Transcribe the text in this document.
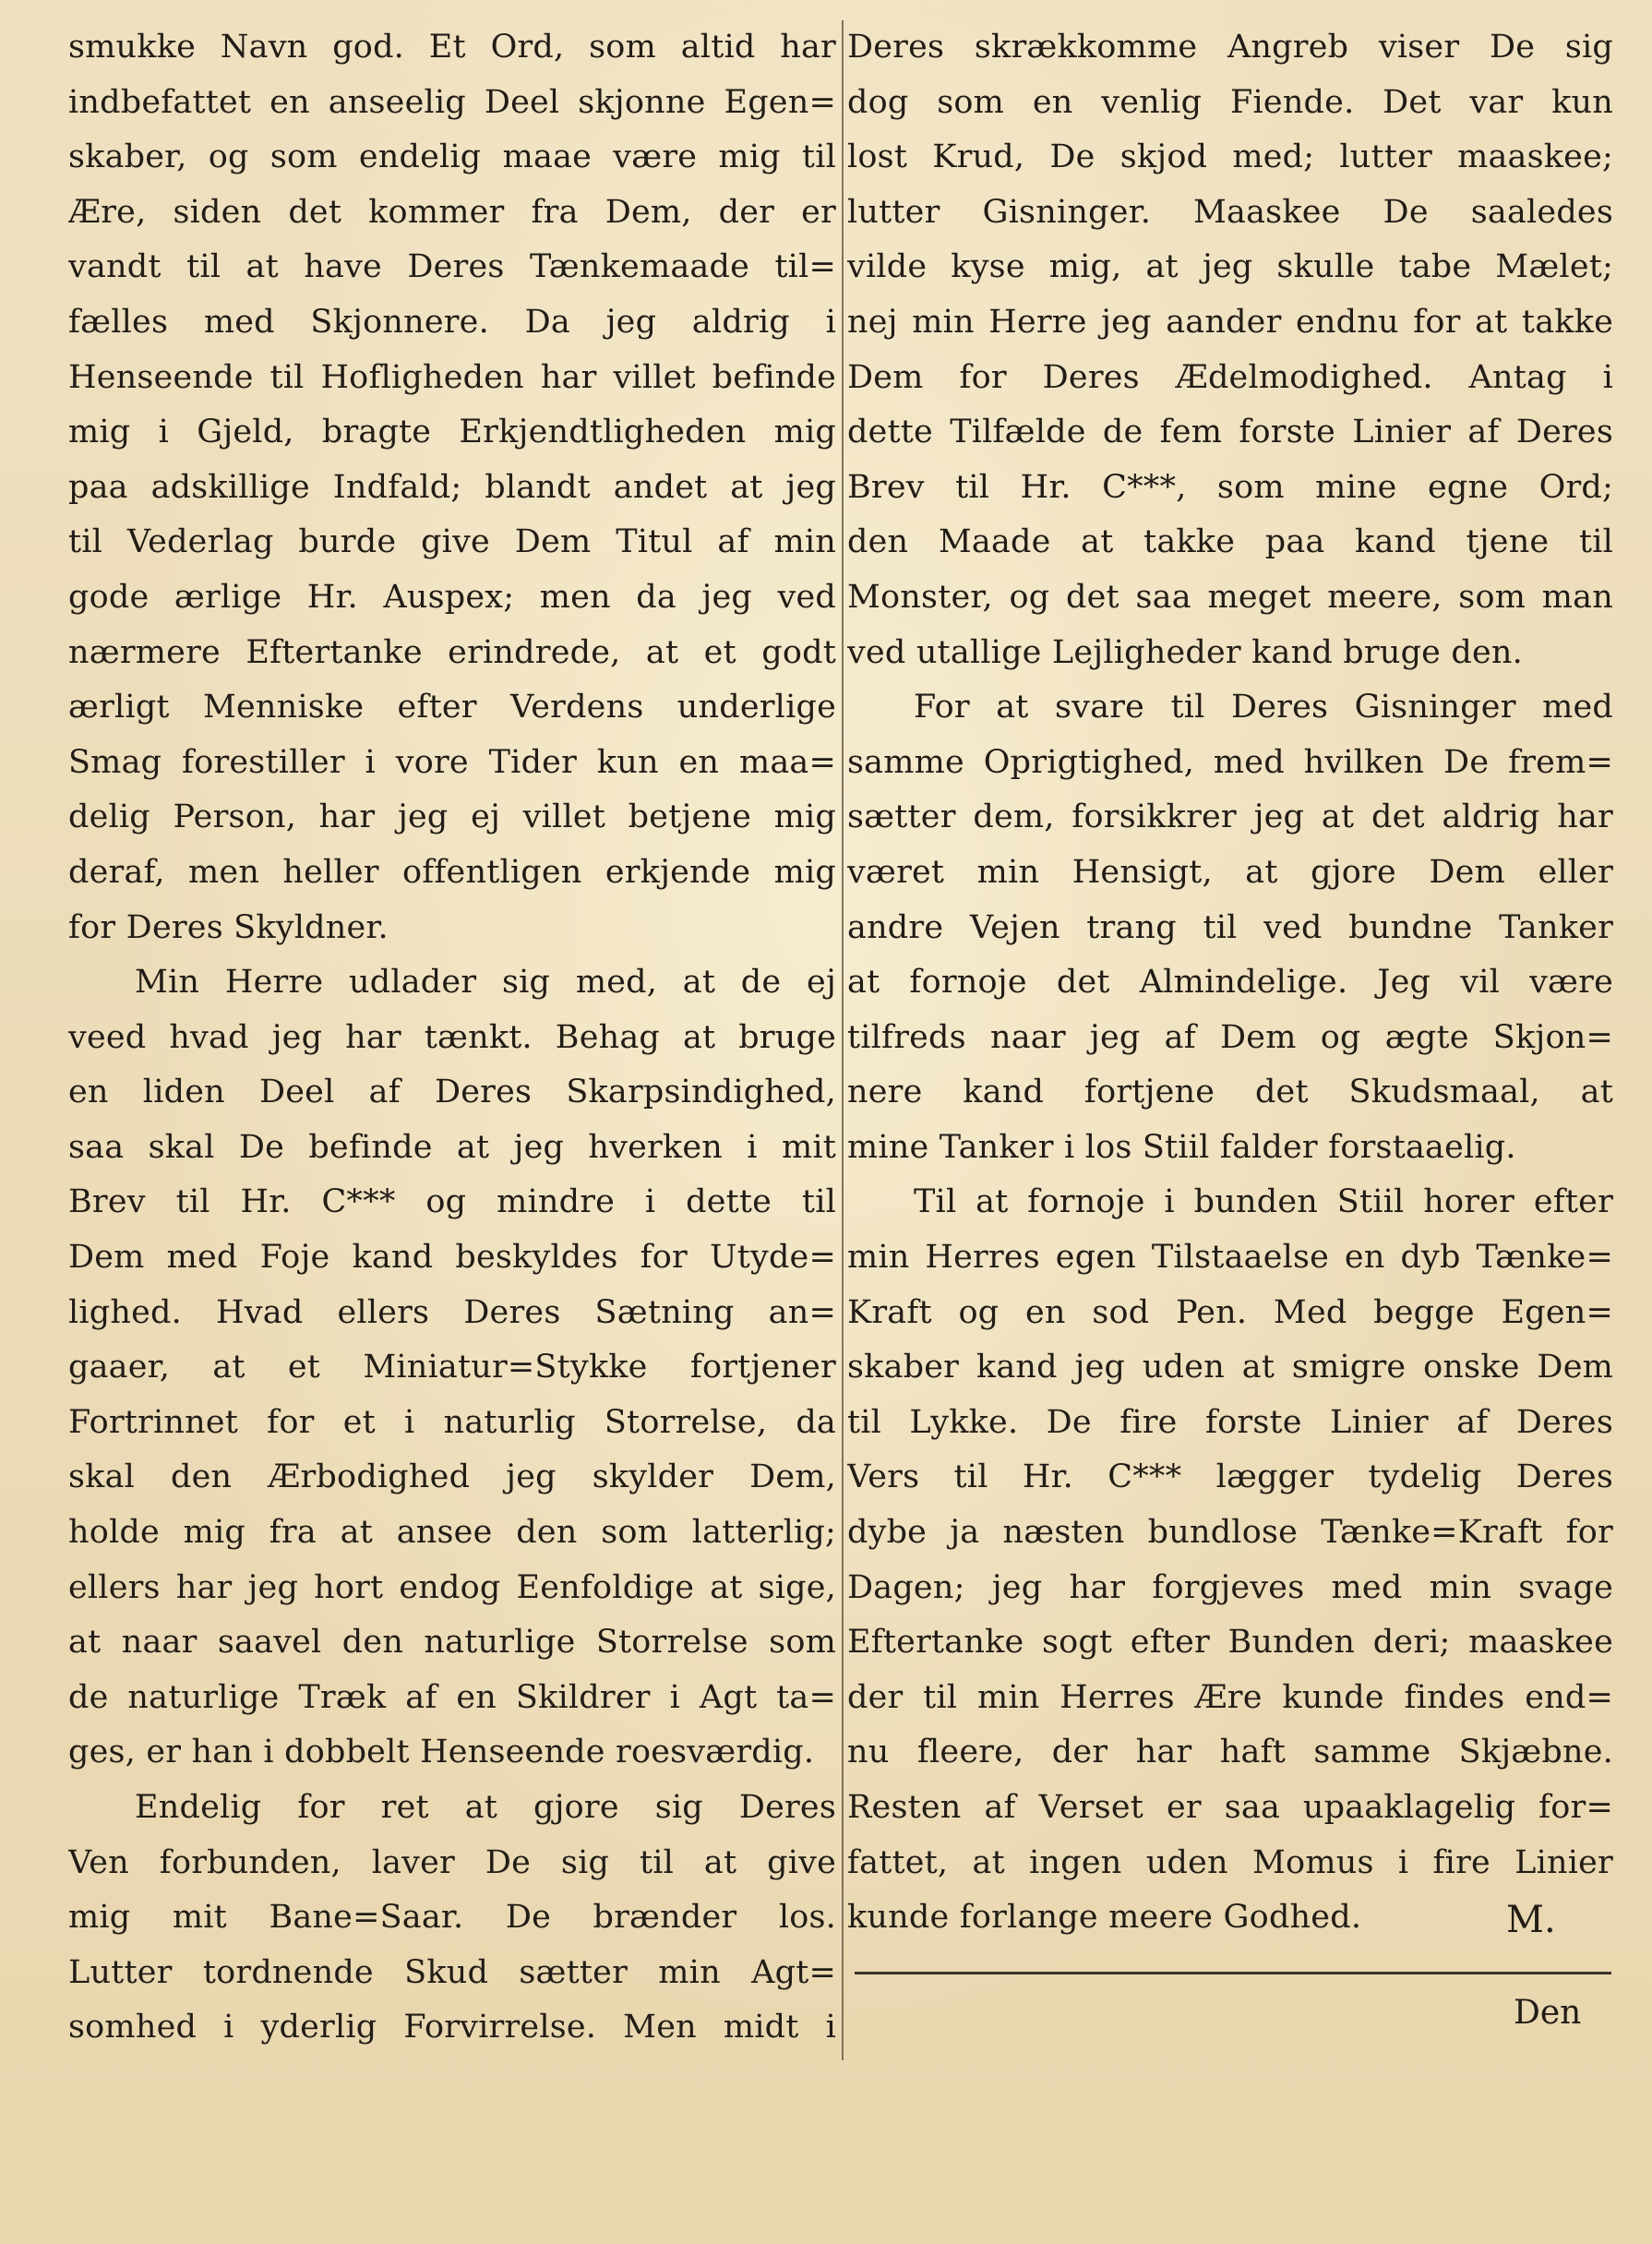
smukke Navn god. Et Ord, som altid har
indbefattet en anseelig Deel skjonne Egen=
skaber, og som endelig maae være mig til
Ære, siden det kommer fra Dem, der er
vandt til at have Deres Tænkemaade til=
fælles med Skjonnere. Da jeg aldrig i
Henseende til Hofligheden har villet befinde
mig i Gjeld, bragte Erkjendtligheden mig
paa adskillige Indfald; blandt andet at jeg
til Vederlag burde give Dem Titul af min
gode ærlige Hr. Auspex; men da jeg ved
nærmere Eftertanke erindrede, at et godt
ærligt Menniske efter Verdens underlige
Smag forestiller i vore Tider kun en maa=
delig Person, har jeg ej villet betjene mig
deraf, men heller offentligen erkjende mig
for Deres Skyldner.
Min Herre udlader sig med, at de ej
veed hvad jeg har tænkt. Behag at bruge
en liden Deel af Deres Skarpsindighed,
saa skal De befinde at jeg hverken i mit
Brev til Hr. C*** og mindre i dette til
Dem med Foje kand beskyldes for Utyde=
lighed. Hvad ellers Deres Sætning an=
gaaer, at et Miniatur=Stykke fortjener
Fortrinnet for et i naturlig Storrelse, da
skal den Ærbodighed jeg skylder Dem,
holde mig fra at ansee den som latterlig;
ellers har jeg hort endog Eenfoldige at sige,
at naar saavel den naturlige Storrelse som
de naturlige Træk af en Skildrer i Agt ta=
ges, er han i dobbelt Henseende roesværdig.
Endelig for ret at gjore sig Deres
Ven forbunden, laver De sig til at give
mig mit Bane=Saar. De brænder los.
Lutter tordnende Skud sætter min Agt=
somhed i yderlig Forvirrelse. Men midt i
Deres skrækkomme Angreb viser De sig
dog som en venlig Fiende. Det var kun
lost Krud, De skjod med; lutter maaskee;
lutter Gisninger. Maaskee De saaledes
vilde kyse mig, at jeg skulle tabe Mælet;
nej min Herre jeg aander endnu for at takke
Dem for Deres Ædelmodighed. Antag i
dette Tilfælde de fem forste Linier af Deres
Brev til Hr. C***, som mine egne Ord;
den Maade at takke paa kand tjene til
Monster, og det saa meget meere, som man
ved utallige Lejligheder kand bruge den.
For at svare til Deres Gisninger med
samme Oprigtighed, med hvilken De frem=
sætter dem, forsikkrer jeg at det aldrig har
været min Hensigt, at gjore Dem eller
andre Vejen trang til ved bundne Tanker
at fornoje det Almindelige. Jeg vil være
tilfreds naar jeg af Dem og ægte Skjon=
nere kand fortjene det Skudsmaal, at
mine Tanker i los Stiil falder forstaaelig.
Til at fornoje i bunden Stiil horer efter
min Herres egen Tilstaaelse en dyb Tænke=
Kraft og en sod Pen. Med begge Egen=
skaber kand jeg uden at smigre onske Dem
til Lykke. De fire forste Linier af Deres
Vers til Hr. C*** lægger tydelig Deres
dybe ja næsten bundlose Tænke=Kraft for
Dagen; jeg har forgjeves med min svage
Eftertanke sogt efter Bunden deri; maaskee
der til min Herres Ære kunde findes end=
nu fleere, der har haft samme Skjæbne.
Resten af Verset er saa upaaklagelig for=
fattet, at ingen uden Momus i fire Linier
kunde forlange meere Godhed.	M.
Den
